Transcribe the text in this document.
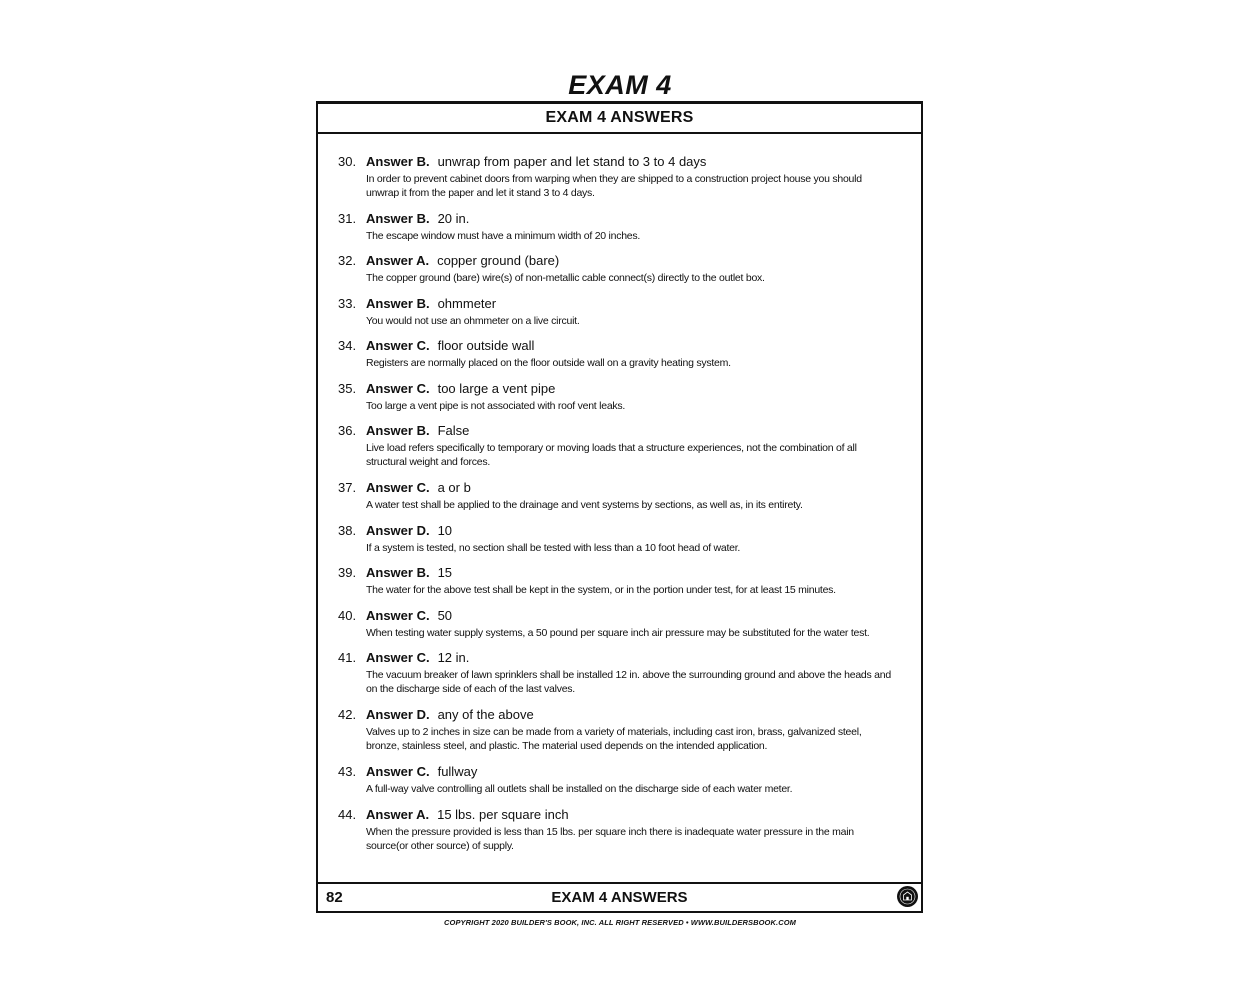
EXAM 4
EXAM 4 ANSWERS
30. Answer B. unwrap from paper and let stand to 3 to 4 days
In order to prevent cabinet doors from warping when they are shipped to a construction project house you should unwrap it from the paper and let it stand 3 to 4 days.
31. Answer B. 20 in.
The escape window must have a minimum width of 20 inches.
32. Answer A. copper ground (bare)
The copper ground (bare) wire(s) of non-metallic cable connect(s) directly to the outlet box.
33. Answer B. ohmmeter
You would not use an ohmmeter on a live circuit.
34. Answer C. floor outside wall
Registers are normally placed on the floor outside wall on a gravity heating system.
35. Answer C. too large a vent pipe
Too large a vent pipe is not associated with roof vent leaks.
36. Answer B. False
Live load refers specifically to temporary or moving loads that a structure experiences, not the combination of all structural weight and forces.
37. Answer C. a or b
A water test shall be applied to the drainage and vent systems by sections, as well as, in its entirety.
38. Answer D. 10
If a system is tested, no section shall be tested with less than a 10 foot head of water.
39. Answer B. 15
The water for the above test shall be kept in the system, or in the portion under test, for at least 15 minutes.
40. Answer C. 50
When testing water supply systems, a 50 pound per square inch air pressure may be substituted for the water test.
41. Answer C. 12 in.
The vacuum breaker of lawn sprinklers shall be installed 12 in. above the surrounding ground and above the heads and on the discharge side of each of the last valves.
42. Answer D. any of the above
Valves up to 2 inches in size can be made from a variety of materials, including cast iron, brass, galvanized steel, bronze, stainless steel, and plastic. The material used depends on the intended application.
43. Answer C. fullway
A full-way valve controlling all outlets shall be installed on the discharge side of each water meter.
44. Answer A. 15 lbs. per square inch
When the pressure provided is less than 15 lbs. per square inch there is inadequate water pressure in the main source(or other source) of supply.
82	EXAM 4 ANSWERS
COPYRIGHT 2020 BUILDER'S BOOK, INC. ALL RIGHT RESERVED • WWW.BUILDERSBOOK.COM
